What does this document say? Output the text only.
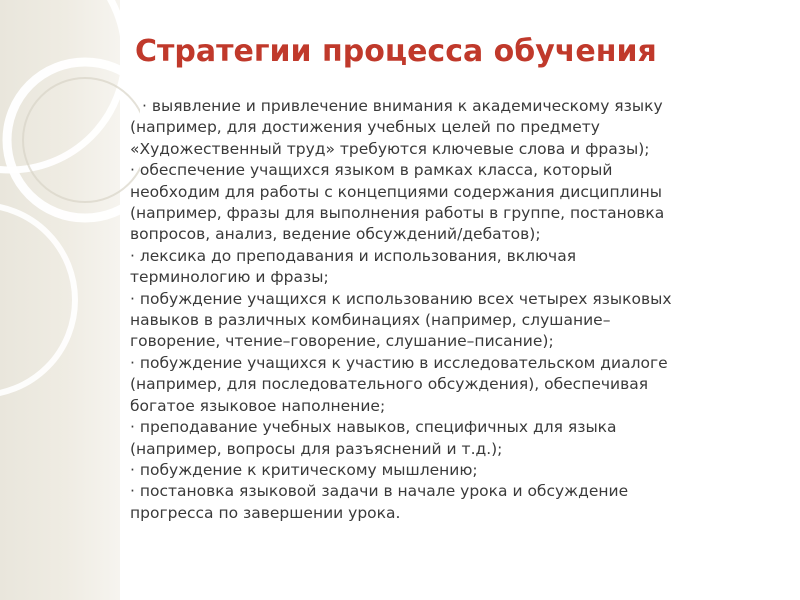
Стратегии процесса обучения
· выявление и привлечение внимания к академическому языку
(например, для достижения учебных целей по предмету
«Художественный труд» требуются ключевые слова и фразы);
· обеспечение учащихся языком в рамках класса, который
необходим для работы с концепциями содержания дисциплины
(например, фразы для выполнения работы в группе, постановка
вопросов, анализ, ведение обсуждений/дебатов);
· лексика до преподавания и использования, включая
терминологию и фразы;
· побуждение учащихся к использованию всех четырех языковых
навыков в различных комбинациях (например, слушание–
говорение, чтение–говорение, слушание–писание);
· побуждение учащихся к участию в исследовательском диалоге
(например, для последовательного обсуждения), обеспечивая
богатое языковое наполнение;
· преподавание учебных навыков, специфичных для языка
(например, вопросы для разъяснений и т.д.);
· побуждение к критическому мышлению;
· постановка языковой задачи в начале урока и обсуждение
прогресса по завершении урока.
